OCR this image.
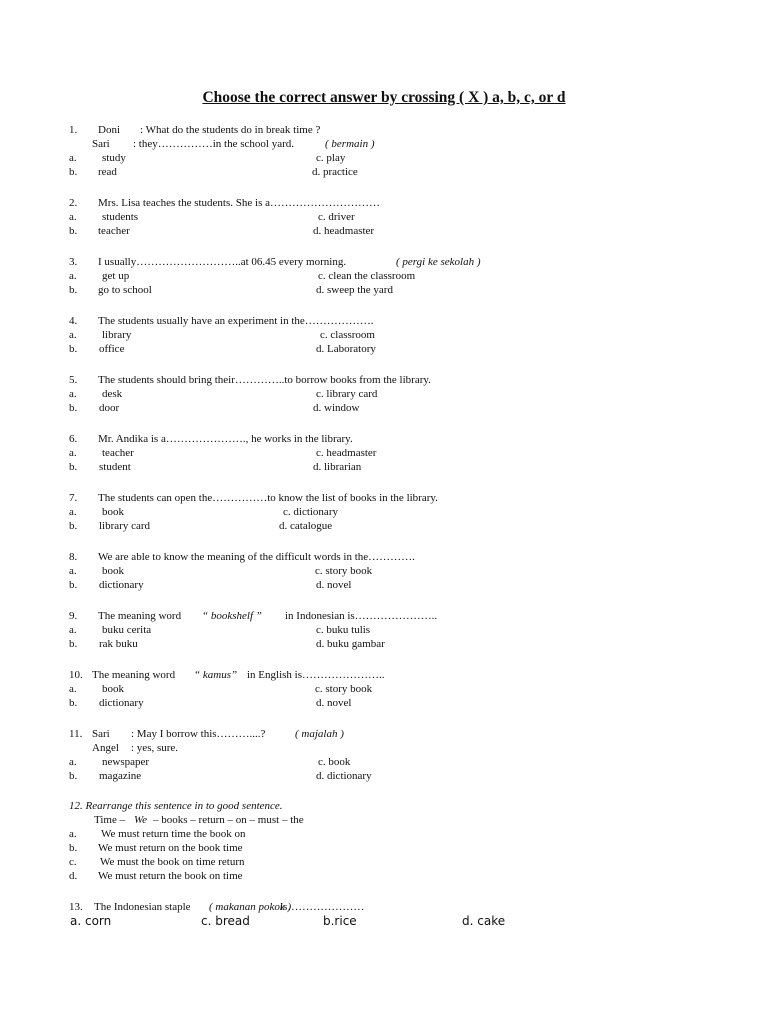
Choose the correct answer by crossing ( X ) a, b, c, or d
1. Doni : What do the students do in break time ?
Sari : they……………in the school yard.	( bermain )
a. study	c. play
b. read	d. practice
2. Mrs. Lisa teaches the students. She is a…………………………
a. students	c. driver
b. teacher	d. headmaster
3. I usually………………………..at 06.45 every morning.	( pergi ke sekolah )
a. get up	c. clean the classroom
b. go to school	d. sweep the yard
4. The students usually have an experiment in the……………….
a. library	c. classroom
b. office	d. Laboratory
5. The students should bring their…………..to borrow books from the library.
a. desk	c. library card
b. door	d. window
6. Mr. Andika is a…………………., he works in the library.
a. teacher	c. headmaster
b. student	d. librarian
7. The students can open the……………to know the list of books in the library.
a. book	c. dictionary
b. library card	d. catalogue
8. We are able to know the meaning of the difficult words in the………….
a. book	c. story book
b. dictionary	d. novel
9. The meaning word “ bookshelf ” in Indonesian is…………………..
a. buku cerita	c. buku tulis
b. rak buku	d. buku gambar
10. The meaning word “ kamus” in English is…………………..
a. book	c. story book
b. dictionary	d. novel
11. Sari : May I borrow this………....?	( majalah )
Angel : yes, sure.
a. newspaper	c. book
b. magazine	d. dictionary
12. Rearrange this sentence in to good sentence.
Time – We – books – return – on – must – the
a. We must return time the book on
b. We must return on the book time
c. We must the book on time return
d. We must return the book on time
13. The Indonesian staple ( makanan pokok )
is…………………
a. corn	c. bread	b.rice	d. cake
